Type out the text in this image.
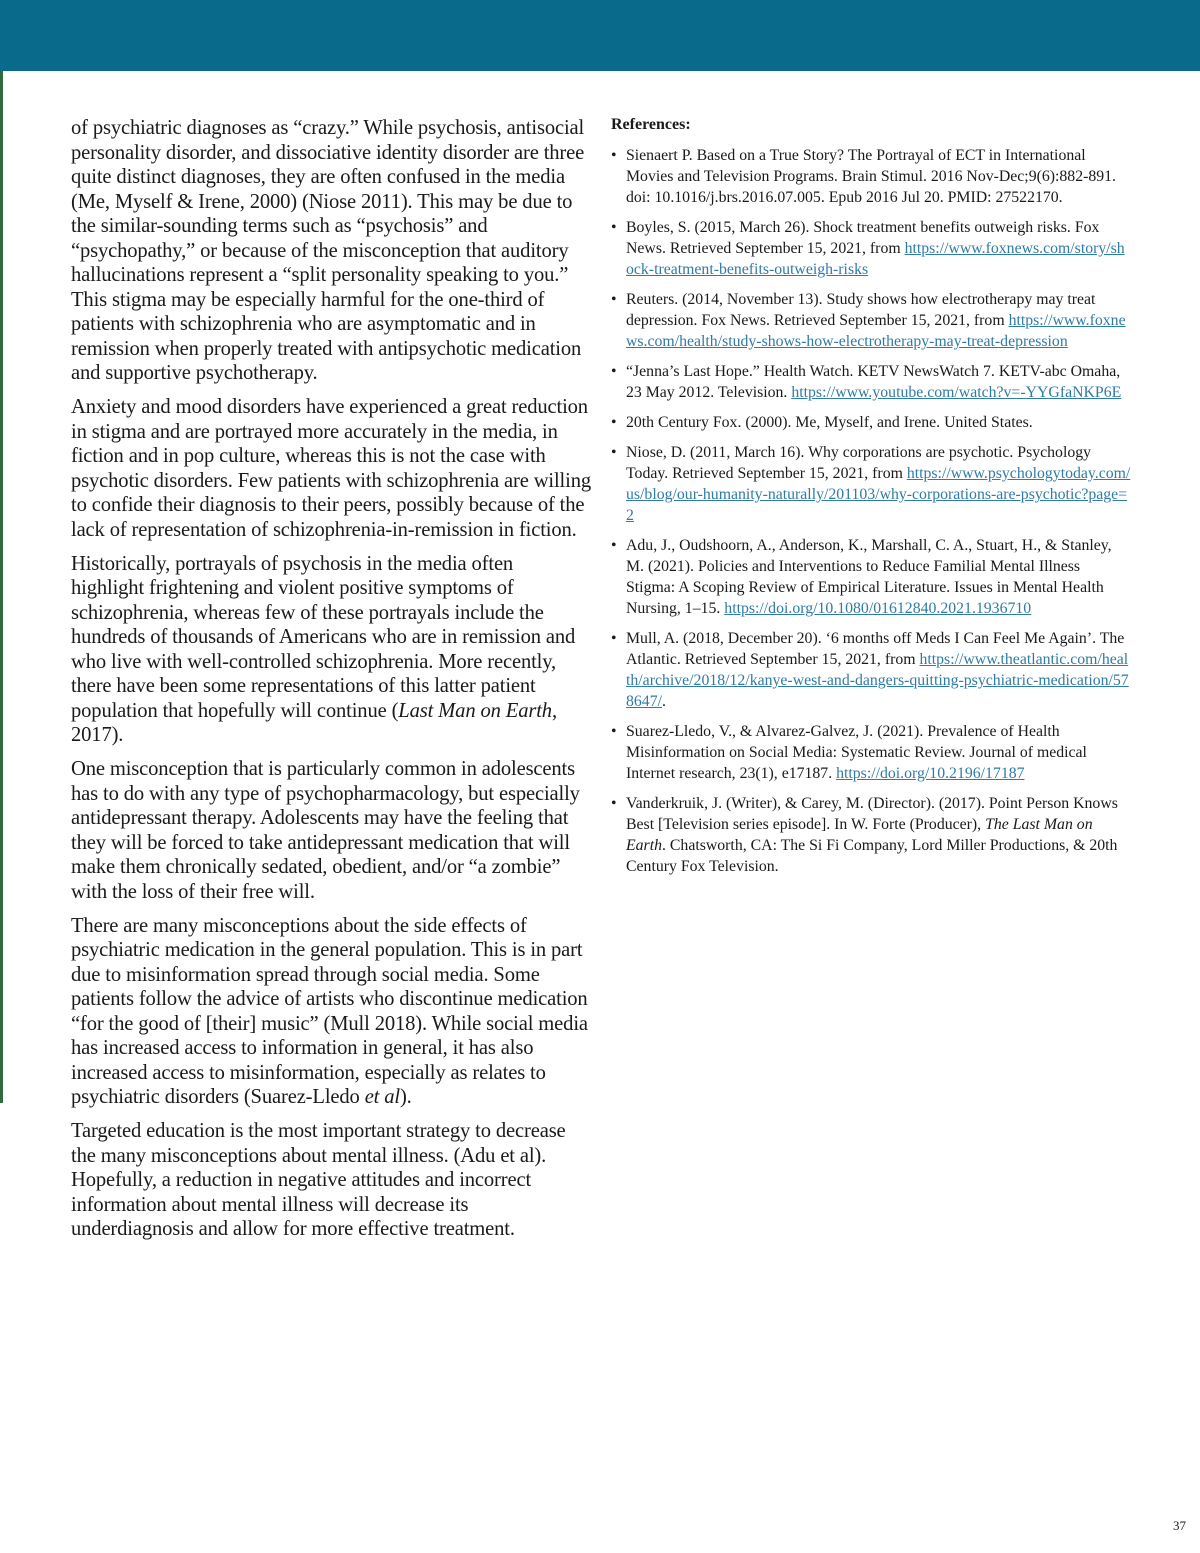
of psychiatric diagnoses as “crazy.” While psychosis, antisocial personality disorder, and dissociative identity disorder are three quite distinct diagnoses, they are often confused in the media (Me, Myself & Irene, 2000) (Niose 2011). This may be due to the similar-sounding terms such as “psychosis” and “psychopathy,” or because of the misconception that auditory hallucinations represent a “split personality speaking to you.” This stigma may be especially harmful for the one-third of patients with schizophrenia who are asymptomatic and in remission when properly treated with antipsychotic medication and supportive psychotherapy.

Anxiety and mood disorders have experienced a great reduction in stigma and are portrayed more accurately in the media, in fiction and in pop culture, whereas this is not the case with psychotic disorders. Few patients with schizophrenia are willing to confide their diagnosis to their peers, possibly because of the lack of representation of schizophrenia-in-remission in fiction.

Historically, portrayals of psychosis in the media often highlight frightening and violent positive symptoms of schizophrenia, whereas few of these portrayals include the hundreds of thousands of Americans who are in remission and who live with well-controlled schizophrenia. More recently, there have been some representations of this latter patient population that hopefully will continue (Last Man on Earth, 2017).

One misconception that is particularly common in adolescents has to do with any type of psychopharmacology, but especially antidepressant therapy. Adolescents may have the feeling that they will be forced to take antidepressant medication that will make them chronically sedated, obedient, and/or “a zombie” with the loss of their free will.

There are many misconceptions about the side effects of psychiatric medication in the general population. This is in part due to misinformation spread through social media. Some patients follow the advice of artists who discontinue medication “for the good of [their] music” (Mull 2018). While social media has increased access to information in general, it has also increased access to misinformation, especially as relates to psychiatric disorders (Suarez-Lledo et al).

Targeted education is the most important strategy to decrease the many misconceptions about mental illness. (Adu et al). Hopefully, a reduction in negative attitudes and incorrect information about mental illness will decrease its underdiagnosis and allow for more effective treatment.

References:
• Sienaert P. Based on a True Story? The Portrayal of ECT in International Movies and Television Programs. Brain Stimul. 2016 Nov-Dec;9(6):882-891. doi: 10.1016/j.brs.2016.07.005. Epub 2016 Jul 20. PMID: 27522170.
• Boyles, S. (2015, March 26). Shock treatment benefits outweigh risks. Fox News. Retrieved September 15, 2021, from https://www.foxnews.com/story/shock-treatment-benefits-outweigh-risks
• Reuters. (2014, November 13). Study shows how electrotherapy may treat depression. Fox News. Retrieved September 15, 2021, from https://www.foxnews.com/health/study-shows-how-electrotherapy-may-treat-depression
• “Jenna’s Last Hope.” Health Watch. KETV NewsWatch 7. KETV-abc Omaha, 23 May 2012. Television. https://www.youtube.com/watch?v=-YYGfaNKP6E
• 20th Century Fox. (2000). Me, Myself, and Irene. United States.
• Niose, D. (2011, March 16). Why corporations are psychotic. Psychology Today. Retrieved September 15, 2021, from https://www.psychologytoday.com/us/blog/our-humanity-naturally/201103/why-corporations-are-psychotic?page=2
• Adu, J., Oudshoorn, A., Anderson, K., Marshall, C. A., Stuart, H., & Stanley, M. (2021). Policies and Interventions to Reduce Familial Mental Illness Stigma: A Scoping Review of Empirical Literature. Issues in Mental Health Nursing, 1–15. https://doi.org/10.1080/01612840.2021.1936710
• Mull, A. (2018, December 20). ‘6 months off Meds I Can Feel Me Again’. The Atlantic. Retrieved September 15, 2021, from https://www.theatlantic.com/health/archive/2018/12/kanye-west-and-dangers-quitting-psychiatric-medication/578647/.
• Suarez-Lledo, V., & Alvarez-Galvez, J. (2021). Prevalence of Health Misinformation on Social Media: Systematic Review. Journal of medical Internet research, 23(1), e17187. https://doi.org/10.2196/17187
• Vanderkruik, J. (Writer), & Carey, M. (Director). (2017). Point Person Knows Best [Television series episode]. In W. Forte (Producer), The Last Man on Earth. Chatsworth, CA: The Si Fi Company, Lord Miller Productions, & 20th Century Fox Television.
37
